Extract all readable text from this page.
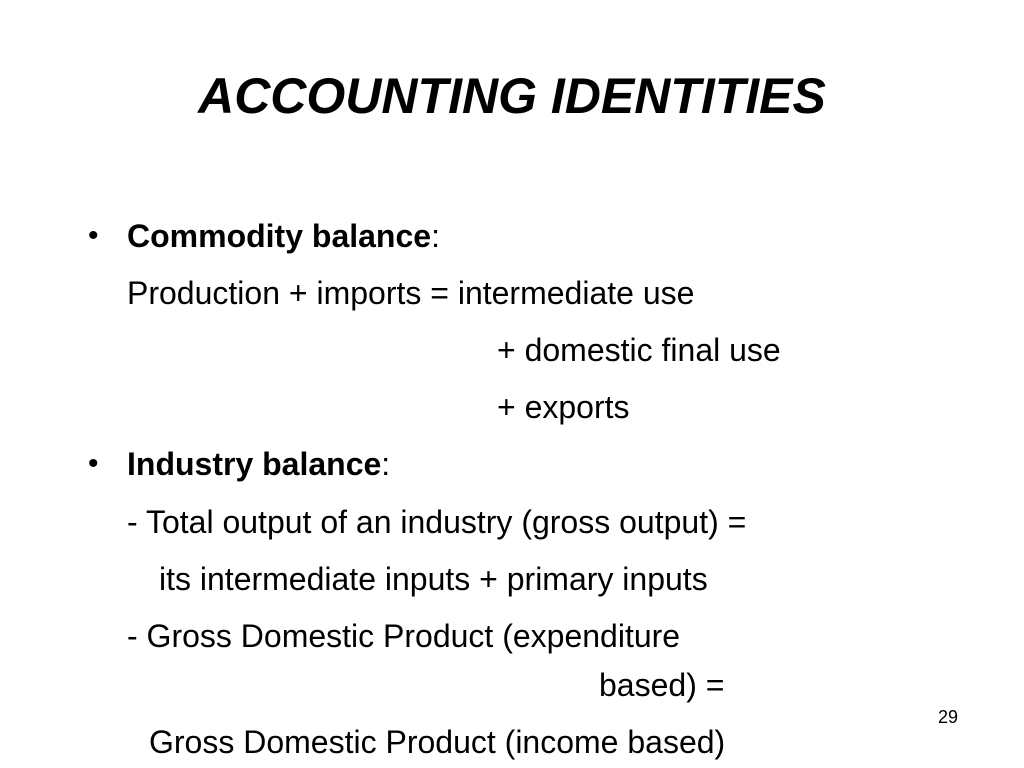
ACCOUNTING IDENTITIES
• Commodity balance:
Production + imports = intermediate use
+ domestic final use
+ exports
• Industry balance:
- Total output of an industry (gross output) =
its intermediate inputs + primary inputs
- Gross Domestic Product (expenditure
based) =
Gross Domestic Product (income based)
29
